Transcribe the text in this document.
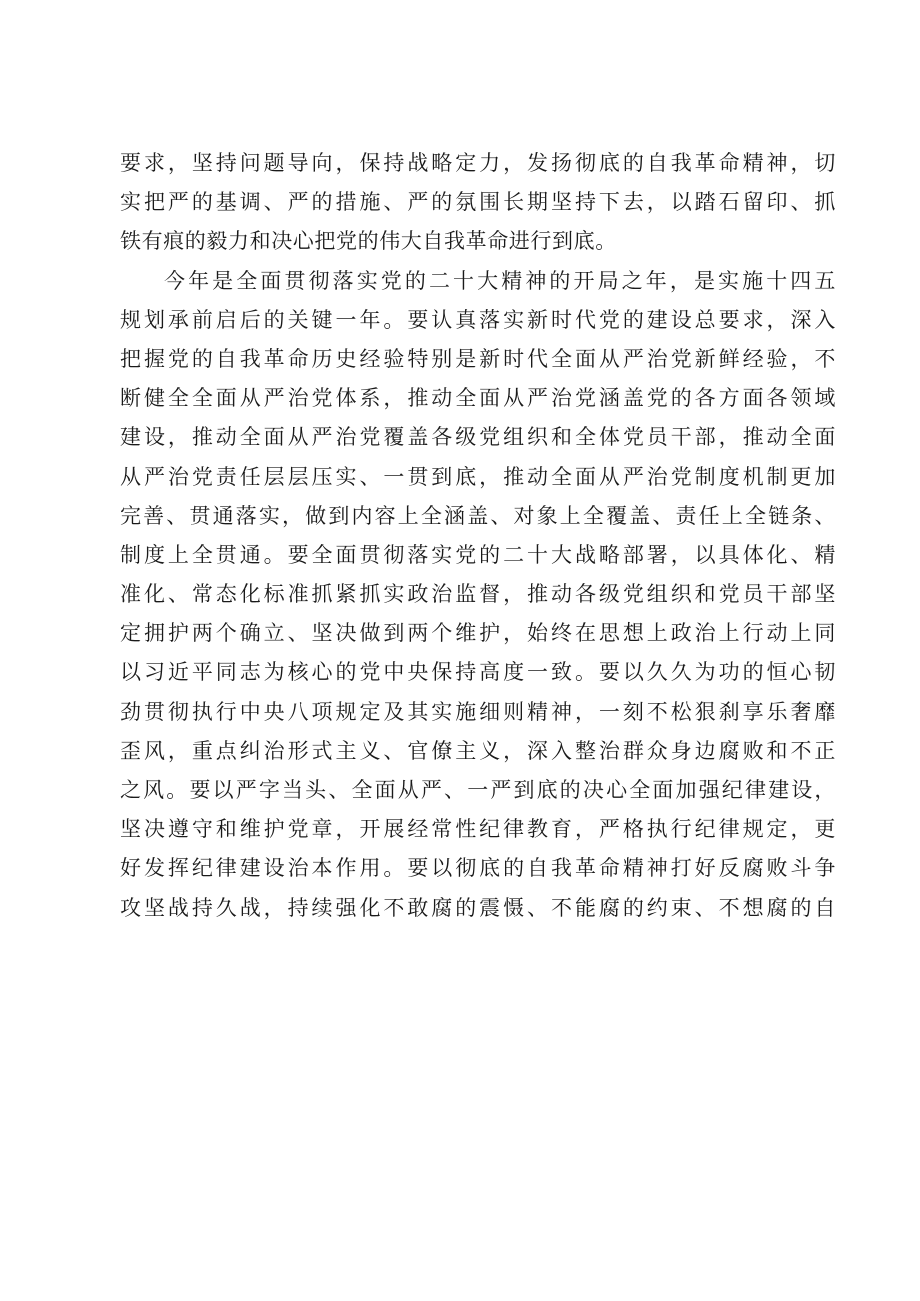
要求，坚持问题导向，保持战略定力，发扬彻底的自我革命精神，切
实把严的基调、严的措施、严的氛围长期坚持下去，以踏石留印、抓
铁有痕的毅力和决心把党的伟大自我革命进行到底。
今年是全面贯彻落实党的二十大精神的开局之年，是实施十四五
规划承前启后的关键一年。要认真落实新时代党的建设总要求，深入
把握党的自我革命历史经验特别是新时代全面从严治党新鲜经验，不
断健全全面从严治党体系，推动全面从严治党涵盖党的各方面各领域
建设，推动全面从严治党覆盖各级党组织和全体党员干部，推动全面
从严治党责任层层压实、一贯到底，推动全面从严治党制度机制更加
完善、贯通落实，做到内容上全涵盖、对象上全覆盖、责任上全链条、
制度上全贯通。要全面贯彻落实党的二十大战略部署，以具体化、精
准化、常态化标准抓紧抓实政治监督，推动各级党组织和党员干部坚
定拥护两个确立、坚决做到两个维护，始终在思想上政治上行动上同
以习近平同志为核心的党中央保持高度一致。要以久久为功的恒心韧
劲贯彻执行中央八项规定及其实施细则精神，一刻不松狠刹享乐奢靡
歪风，重点纠治形式主义、官僚主义，深入整治群众身边腐败和不正
之风。要以严字当头、全面从严、一严到底的决心全面加强纪律建设，
坚决遵守和维护党章，开展经常性纪律教育，严格执行纪律规定，更
好发挥纪律建设治本作用。要以彻底的自我革命精神打好反腐败斗争
攻坚战持久战，持续强化不敢腐的震慑、不能腐的约束、不想腐的自
